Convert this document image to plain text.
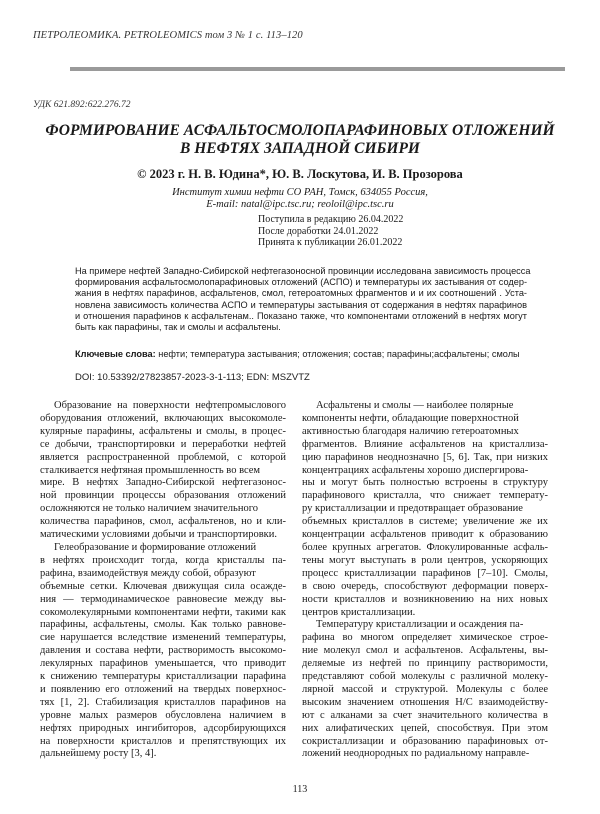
ПЕТРОЛЕОМИКА. PETROLEOMICS том 3 № 1 с. 113–120
УДК 621.892:622.276.72
ФОРМИРОВАНИЕ АСФАЛЬТОСМОЛОПАРАФИНОВЫХ ОТЛОЖЕНИЙ
В НЕФТЯХ ЗАПАДНОЙ СИБИРИ
© 2023 г. Н. В. Юдина*, Ю. В. Лоскутова, И. В. Прозорова
Институт химии нефти СО РАН, Томск, 634055 Россия,
E-mail: natal@ipc.tsc.ru; reoloil@ipc.tsc.ru
Поступила в редакцию 26.04.2022
После доработки 24.01.2022
Принята к публикации 26.01.2022
На примере нефтей Западно-Сибирской нефтегазоносной провинции исследована зависимость процесса
формирования асфальтосмолопарафиновых отложений (АСПО) и температуры их застывания от содер-
жания в нефтях парафинов, асфальтенов, смол, гетероатомных фрагментов и и их соотношений . Уста-
новлена зависимость количества АСПО и температуры застывания от содержания в нефтях парафинов
и отношения парафинов к асфальтенам.. Показано также, что компонентами отложений в нефтях могут
быть как парафины, так и смолы и асфальтены.
Ключевые слова: нефти; температура застывания; отложения; состав; парафины;асфальтены; смолы
DOI: 10.53392/27823857-2023-3-1-113; EDN: MSZVTZ
Образование на поверхности нефтепромыслового
оборудования отложений, включающих высокомоле-
кулярные парафины, асфальтены и смолы, в процес-
се добычи, транспортировки и переработки нефтей
является распространенной проблемой, с которой
сталкивается нефтяная промышленность во всем
мире. В нефтях Западно-Сибирской нефтегазонос-
ной провинции процессы образования отложений
осложняются не только наличием значительного
количества парафинов, смол, асфальтенов, но и кли-
матическими условиями добычи и транспортировки.
Гелеобразование и формирование отложений
в нефтях происходит тогда, когда кристаллы па-
рафина, взаимодействуя между собой, образуют
объемные сетки. Ключевая движущая сила осажде-
ния — термодинамическое равновесие между вы-
сокомолекулярными компонентами нефти, такими как
парафины, асфальтены, смолы. Как только равнове-
сие нарушается вследствие изменений температуры,
давления и состава нефти, растворимость высокомо-
лекулярных парафинов уменьшается, что приводит
к снижению температуры кристаллизации парафина
и появлению его отложений на твердых поверхнос-
тях [1, 2]. Стабилизация кристаллов парафинов на
уровне малых размеров обусловлена наличием в
нефтях природных ингибиторов, адсорбирующихся
на поверхности кристаллов и препятствующих их
дальнейшему росту [3, 4].
Асфальтены и смолы — наиболее полярные
компоненты нефти, обладающие поверхностной
активностью благодаря наличию гетероатомных
фрагментов. Влияние асфальтенов на кристаллиза-
цию парафинов неоднозначно [5, 6]. Так, при низких
концентрациях асфальтены хорошо диспергирова-
ны и могут быть полностью встроены в структуру
парафинового кристалла, что снижает температу-
ру кристаллизации и предотвращает образование
объемных кристаллов в системе; увеличение же их
концентрации асфальтенов приводит к образованию
более крупных агрегатов. Флокулированные асфаль-
тены могут выступать в роли центров, ускоряющих
процесс кристаллизации парафинов [7–10]. Смолы,
в свою очередь, способствуют деформации поверх-
ности кристаллов и возникновению на них новых
центров кристаллизации.
Температуру кристаллизации и осаждения па-
рафина во многом определяет химическое строе-
ние молекул смол и асфальтенов. Асфальтены, вы-
деляемые из нефтей по принципу растворимости,
представляют собой молекулы с различной молеку-
лярной массой и структурой. Молекулы с более
высоким значением отношения Н/С взаимодейству-
ют с алканами за счет значительного количества в
них алифатических цепей, способствуя. При этом
сокристаллизации и образованию парафиновых от-
ложений неоднородных по радиальному направле-
113
